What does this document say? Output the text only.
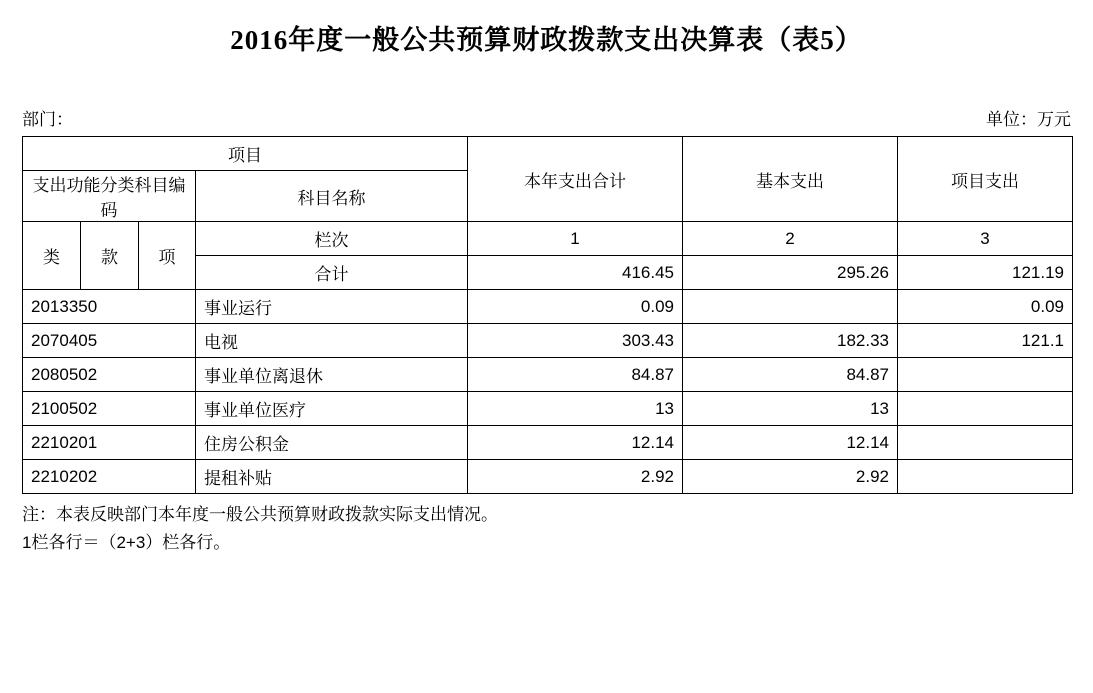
2016年度一般公共预算财政拨款支出决算表（表5）
部门：	单位：万元
项目				本年支出合计	基本支出	项目支出
支出功能分类科目编码			科目名称			
类	款	项	栏次	1	2	3
			合计	416.45	295.26	121.19
2013350			事业运行	0.09		0.09
2070405			电视	303.43	182.33	121.1
2080502			事业单位离退休	84.87	84.87	
2100502			事业单位医疗	13	13	
2210201			住房公积金	12.14	12.14	
2210202			提租补贴	2.92	2.92	
注：本表反映部门本年度一般公共预算财政拨款实际支出情况。
1栏各行＝（2+3）栏各行。
